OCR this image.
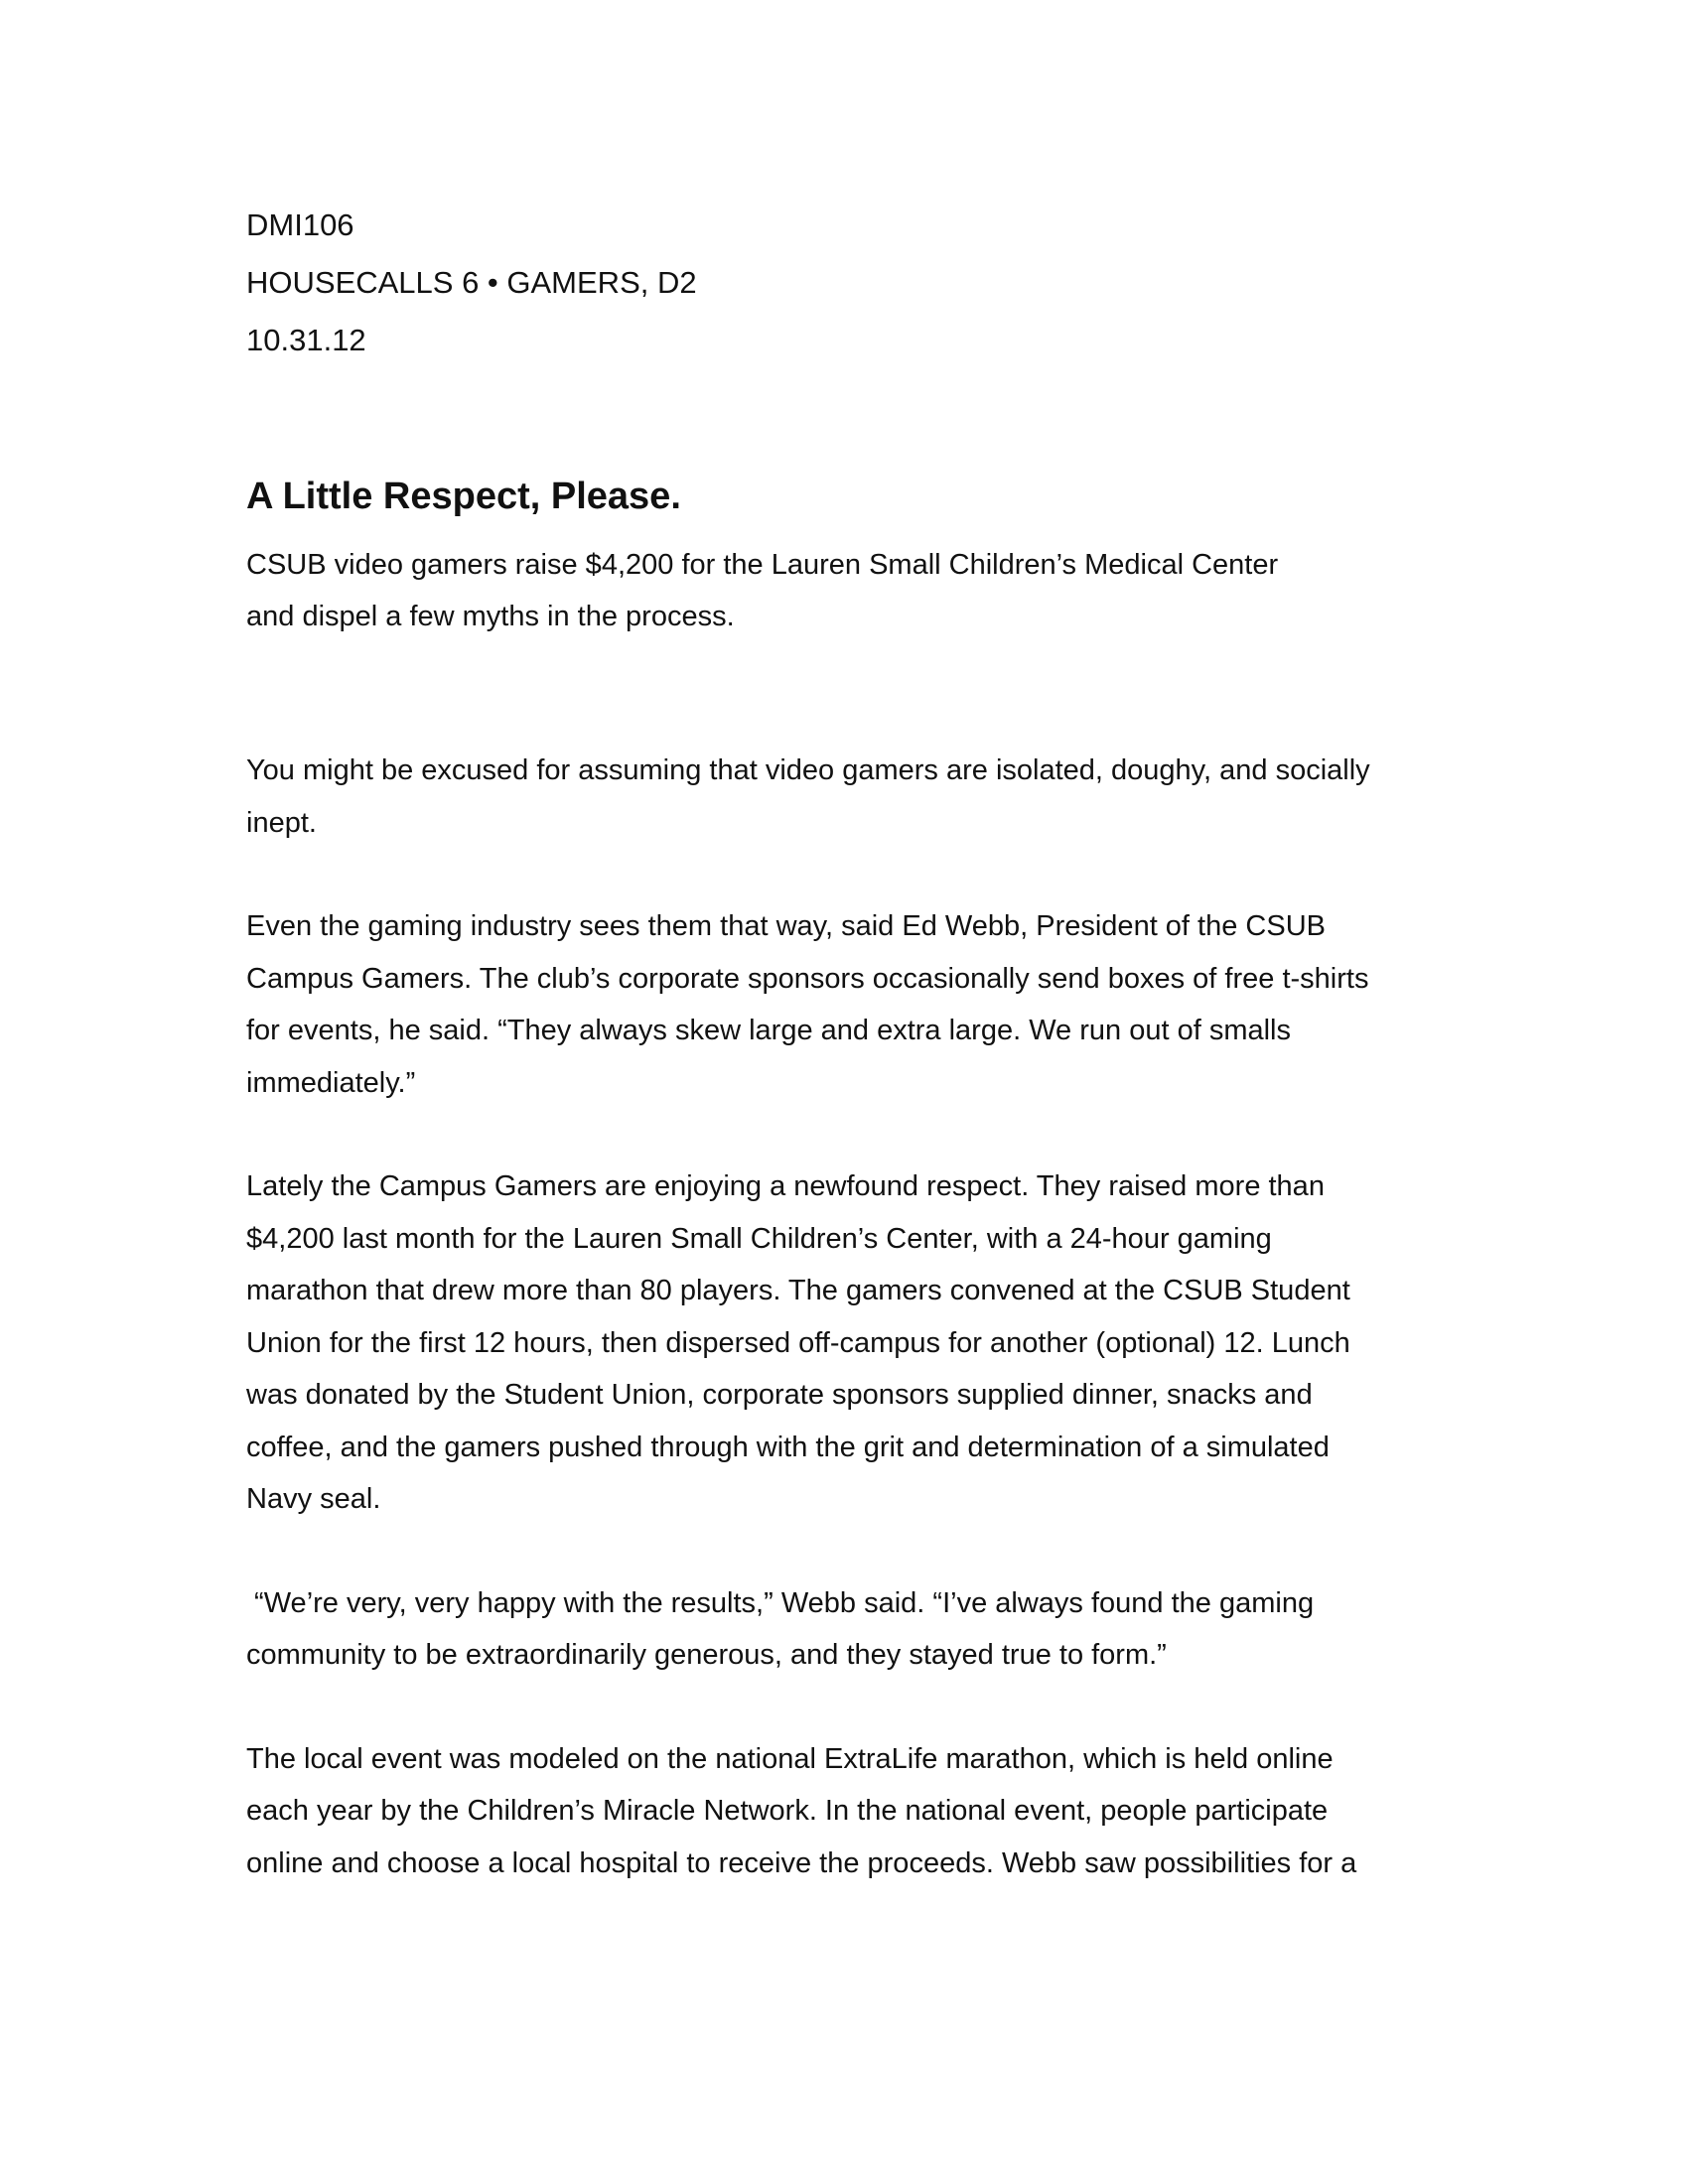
DMI106

HOUSECALLS 6 • GAMERS, D2

10.31.12

A Little Respect, Please.

CSUB video gamers raise $4,200 for the Lauren Small Children’s Medical Center

and dispel a few myths in the process.

You might be excused for assuming that video gamers are isolated, doughy, and socially
inept.
Even the gaming industry sees them that way, said Ed Webb, President of the CSUB
Campus Gamers. The club’s corporate sponsors occasionally send boxes of free t-shirts
for events, he said. “They always skew large and extra large. We run out of smalls
immediately.”
Lately the Campus Gamers are enjoying a newfound respect. They raised more than
$4,200 last month for the Lauren Small Children’s Center, with a 24-hour gaming
marathon that drew more than 80 players. The gamers convened at the CSUB Student
Union for the first 12 hours, then dispersed off-campus for another (optional) 12. Lunch
was donated by the Student Union, corporate sponsors supplied dinner, snacks and
coffee, and the gamers pushed through with the grit and determination of a simulated
Navy seal.
“We’re very, very happy with the results,” Webb said. “I’ve always found the gaming
community to be extraordinarily generous, and they stayed true to form.”
The local event was modeled on the national ExtraLife marathon, which is held online
each year by the Children’s Miracle Network. In the national event, people participate
online and choose a local hospital to receive the proceeds. Webb saw possibilities for a
